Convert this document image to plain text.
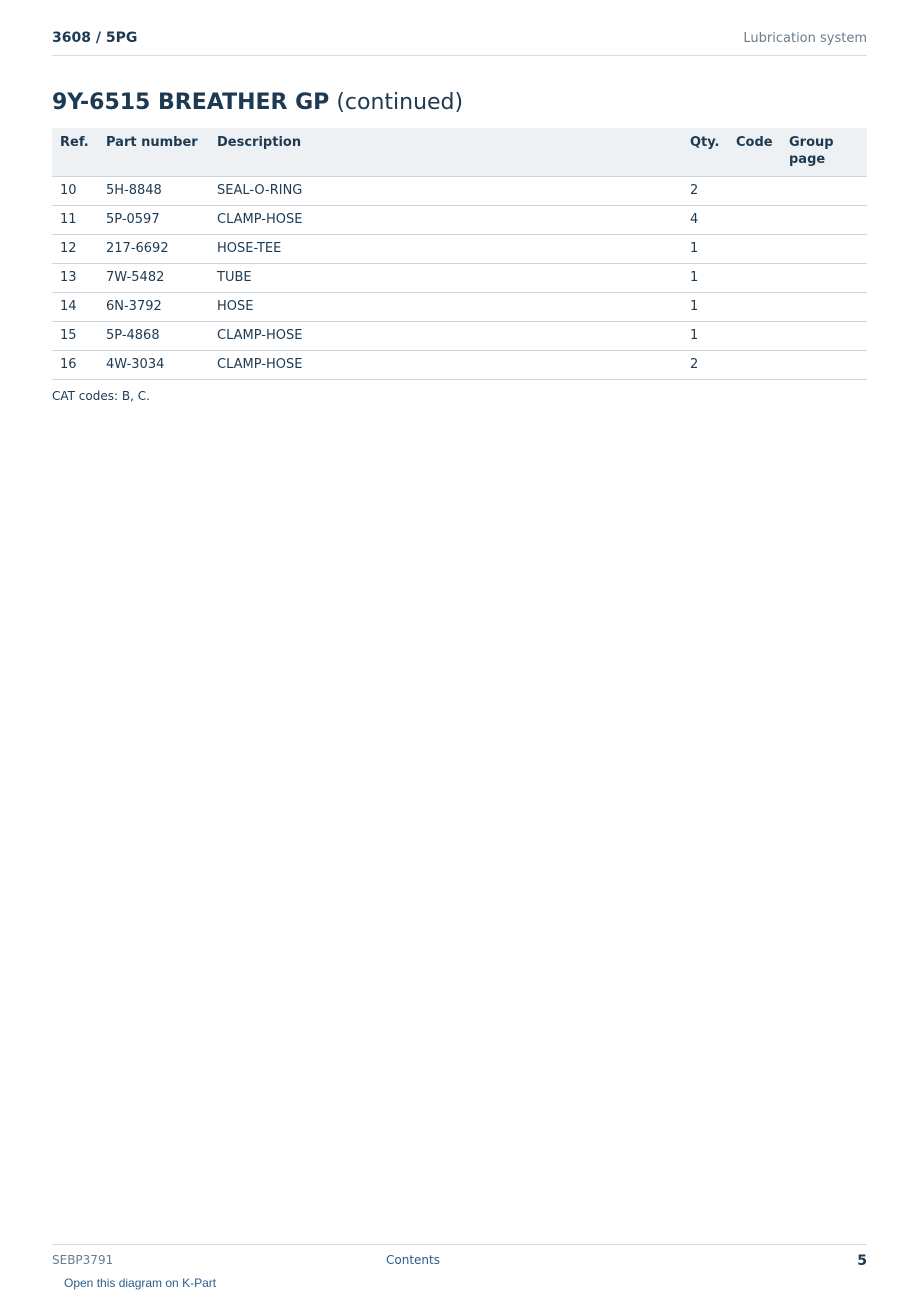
3608 / 5PG	Lubrication system
9Y-6515 BREATHER GP (continued)
Ref.	Part number	Description	Qty.	Code	Group page
10	5H-8848	SEAL-O-RING	2		
11	5P-0597	CLAMP-HOSE	4		
12	217-6692	HOSE-TEE	1		
13	7W-5482	TUBE	1		
14	6N-3792	HOSE	1		
15	5P-4868	CLAMP-HOSE	1		
16	4W-3034	CLAMP-HOSE	2		
CAT codes: B, C.
SEBP3791	Contents	5
Open this diagram on K-Part
